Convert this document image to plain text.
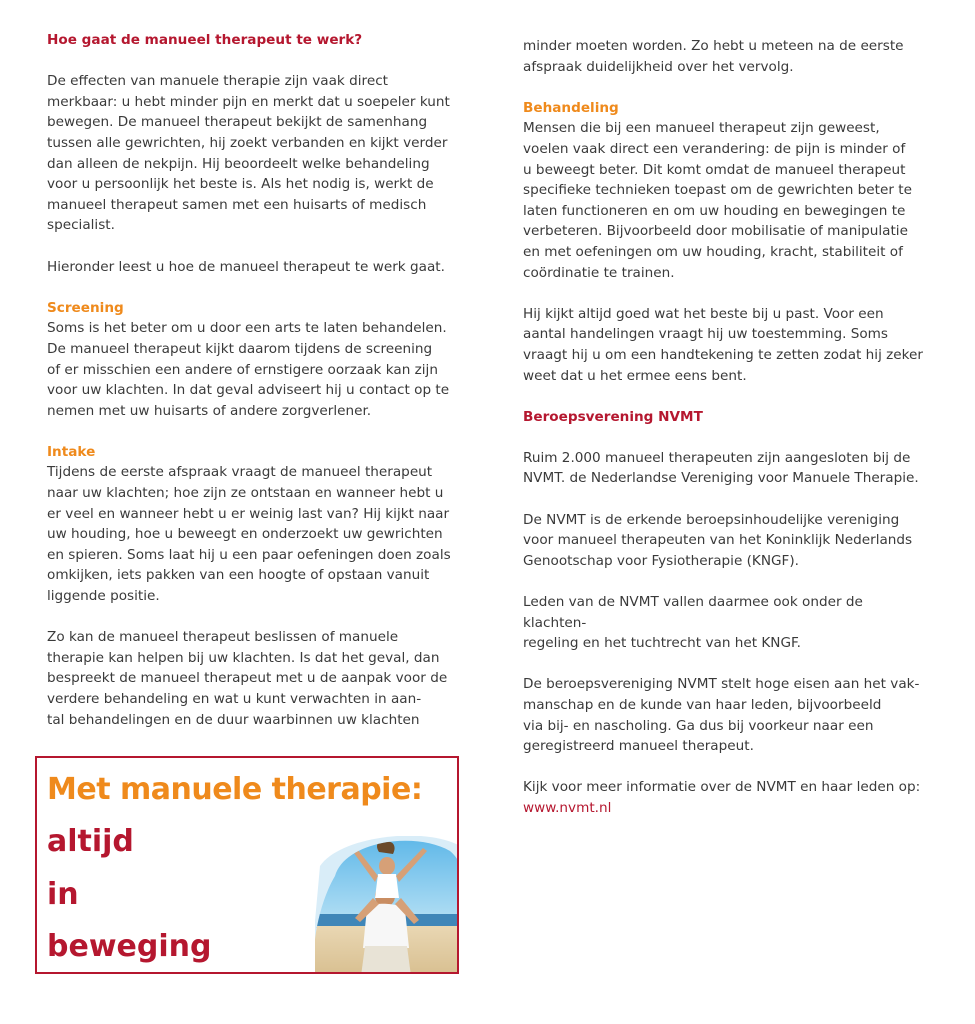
Hoe gaat de manueel therapeut te werk?

De effecten van manuele therapie zijn vaak direct
merkbaar: u hebt minder pijn en merkt dat u soepeler kunt
bewegen. De manueel therapeut bekijkt de samenhang
tussen alle gewrichten, hij zoekt verbanden en kijkt verder
dan alleen de nekpijn. Hij beoordeelt welke behandeling
voor u persoonlijk het beste is. Als het nodig is, werkt de
manueel therapeut samen met een huisarts of medisch
specialist.

Hieronder leest u hoe de manueel therapeut te werk gaat.

Screening

Soms is het beter om u door een arts te laten behandelen.
De manueel therapeut kijkt daarom tijdens de screening
of er misschien een andere of ernstigere oorzaak kan zijn
voor uw klachten. In dat geval adviseert hij u contact op te
nemen met uw huisarts of andere zorgverlener.

Intake

Tijdens de eerste afspraak vraagt de manueel therapeut
naar uw klachten; hoe zijn ze ontstaan en wanneer hebt u
er veel en wanneer hebt u er weinig last van? Hij kijkt naar
uw houding, hoe u beweegt en onderzoekt uw gewrichten
en spieren. Soms laat hij u een paar oefeningen doen zoals
omkijken, iets pakken van een hoogte of opstaan vanuit
liggende positie.

Zo kan de manueel therapeut beslissen of manuele
therapie kan helpen bij uw klachten. Is dat het geval, dan
bespreekt de manueel therapeut met u de aanpak voor de
verdere behandeling en wat u kunt verwachten in aan-
tal behandelingen en de duur waarbinnen uw klachten

minder moeten worden. Zo hebt u meteen na de eerste
afspraak duidelijkheid over het vervolg.

Behandeling

Mensen die bij een manueel therapeut zijn geweest,
voelen vaak direct een verandering: de pijn is minder of
u beweegt beter. Dit komt omdat de manueel therapeut
specifieke technieken toepast om de gewrichten beter te
laten functioneren en om uw houding en bewegingen te
verbeteren. Bijvoorbeeld door mobilisatie of manipulatie
en met oefeningen om uw houding, kracht, stabiliteit of
coördinatie te trainen.

Hij kijkt altijd goed wat het beste bij u past. Voor een
aantal handelingen vraagt hij uw toestemming. Soms
vraagt hij u om een handtekening te zetten zodat hij zeker
weet dat u het ermee eens bent.

Beroepsverening NVMT

Ruim 2.000 manueel therapeuten zijn aangesloten bij de
NVMT. de Nederlandse Vereniging voor Manuele Therapie.

De NVMT is de erkende beroepsinhoudelijke vereniging
voor manueel therapeuten van het Koninklijk Nederlands
Genootschap voor Fysiotherapie (KNGF).

Leden van de NVMT vallen daarmee ook onder de klachten-
regeling en het tuchtrecht van het KNGF.

De beroepsvereniging NVMT stelt hoge eisen aan het vak-
manschap en de kunde van haar leden, bijvoorbeeld
via bij- en nascholing. Ga dus bij voorkeur naar een
geregistreerd manueel therapeut.

Kijk voor meer informatie over de NVMT en haar leden op:

www.nvmt.nl

Met manuele therapie:

altijd

in

beweging
